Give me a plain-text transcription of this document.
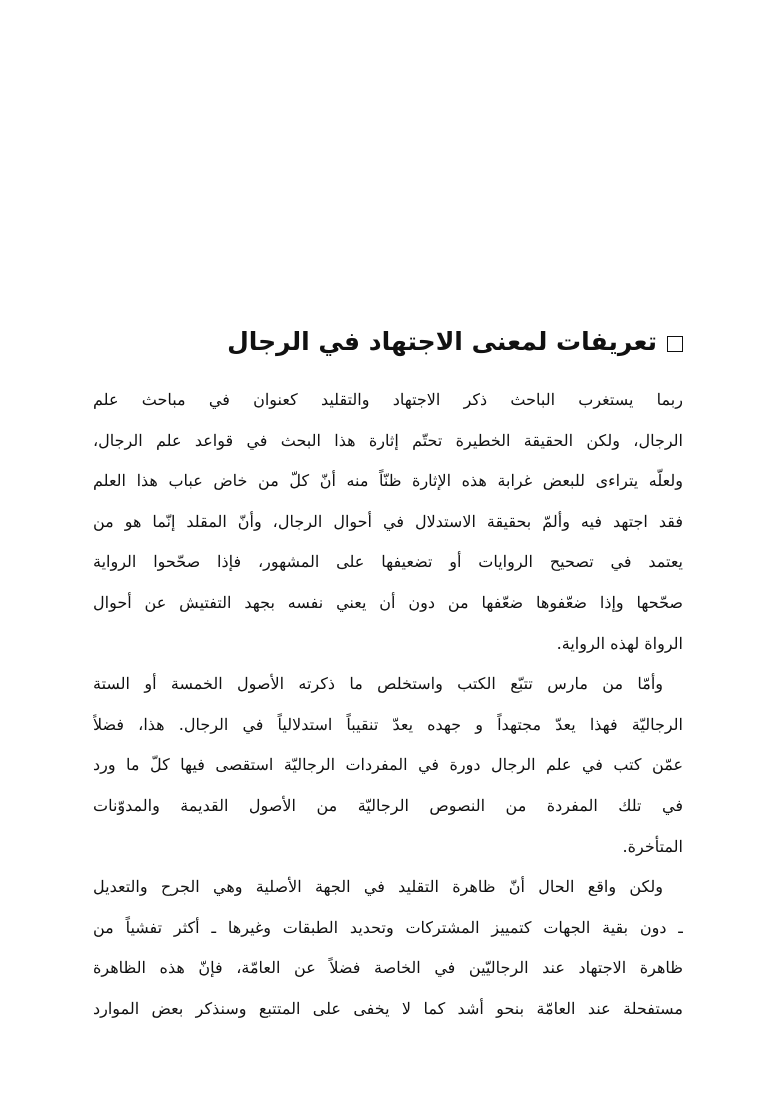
تعريفات لمعنى الاجتهاد في الرجال
ربما يستغرب الباحث ذكر الاجتهاد والتقليد كعنوان في مباحث علم
الرجال، ولكن الحقيقة الخطيرة تحتّم إثارة هذا البحث في قواعد علم الرجال،
ولعلّه يتراءى للبعض غرابة هذه الإثارة ظنّاً منه أنّ كلّ من خاض عباب هذا العلم
فقد اجتهد فيه وألمّ بحقيقة الاستدلال في أحوال الرجال، وأنّ المقلد إنّما هو من
يعتمد في تصحيح الروايات أو تضعيفها على المشهور، فإذا صحّحوا الرواية
صحّحها وإذا ضعّفوها ضعّفها من دون أن يعني نفسه بجهد التفتيش عن أحوال
الرواة لهذه الرواية.
وأمّا من مارس تتبّع الكتب واستخلص ما ذكرته الأصول الخمسة أو الستة
الرجاليّة فهذا يعدّ مجتهداً و جهده يعدّ تنقيباً استدلالياً في الرجال. هذا، فضلاً
عمّن كتب في علم الرجال دورة في المفردات الرجاليّة استقصى فيها كلّ ما ورد
في تلك المفردة من النصوص الرجاليّة من الأصول القديمة والمدوّنات
المتأخرة.
ولكن واقع الحال أنّ ظاهرة التقليد في الجهة الأصلية وهي الجرح والتعديل
ـ دون بقية الجهات كتمييز المشتركات وتحديد الطبقات وغيرها ـ أكثر تفشياً من
ظاهرة الاجتهاد عند الرجاليّين في الخاصة فضلاً عن العامّة، فإنّ هذه الظاهرة
مستفحلة عند العامّة بنحو أشد كما لا يخفى على المتتبع وسنذكر بعض الموارد
